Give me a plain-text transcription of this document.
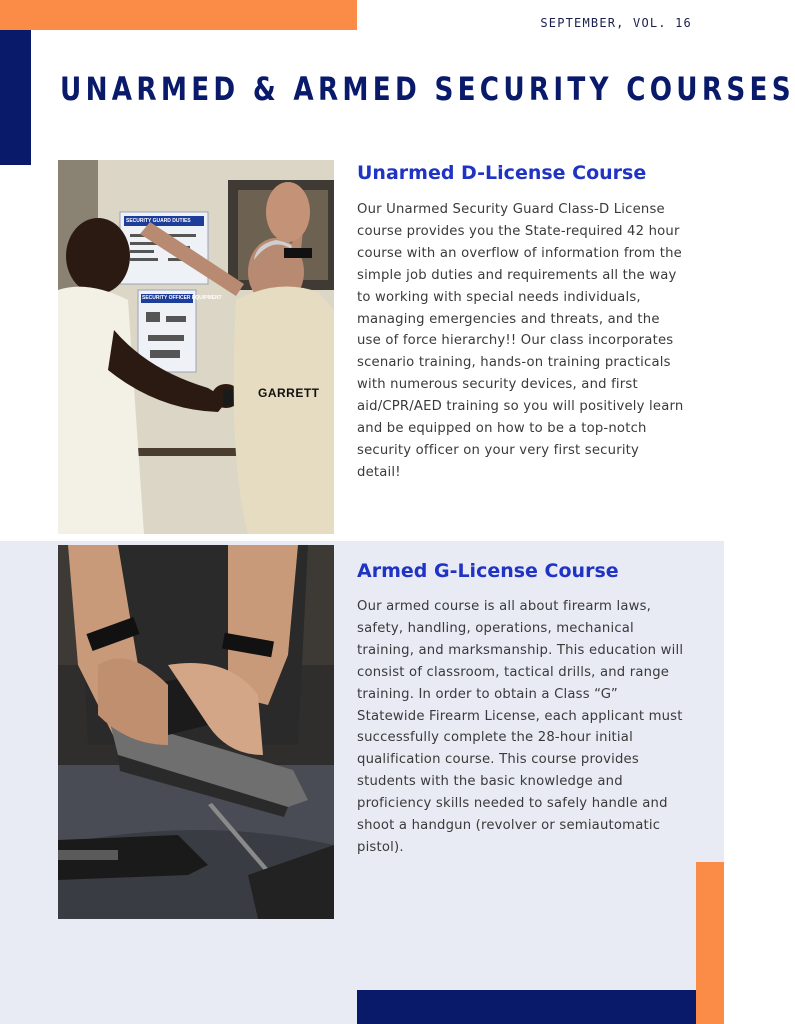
SEPTEMBER, VOL. 16
UNARMED & ARMED SECURITY COURSES
GARRETT
SECURITY GUARD DUTIES
SECURITY OFFICER EQUIPMENT
Unarmed D-License Course
Our Unarmed Security Guard Class-D License course provides you the State-required 42 hour course with an overflow of information from the simple job duties and requirements all the way to working with special needs individuals, managing emergencies and threats, and the use of force hierarchy!! Our class incorporates scenario training, hands-on training practicals with numerous security devices, and first aid/CPR/AED training so you will positively learn and be equipped on how to be a top-notch security officer on your very first security detail!
Armed G-License Course
Our armed course is all about firearm laws, safety, handling, operations, mechanical training, and marksmanship. This education will consist of classroom, tactical drills, and range training. In order to obtain a Class “G” Statewide Firearm License, each applicant must successfully complete the 28-hour initial qualification course. This course provides students with the basic knowledge and proficiency skills needed to safely handle and shoot a handgun (revolver or semiautomatic pistol).
